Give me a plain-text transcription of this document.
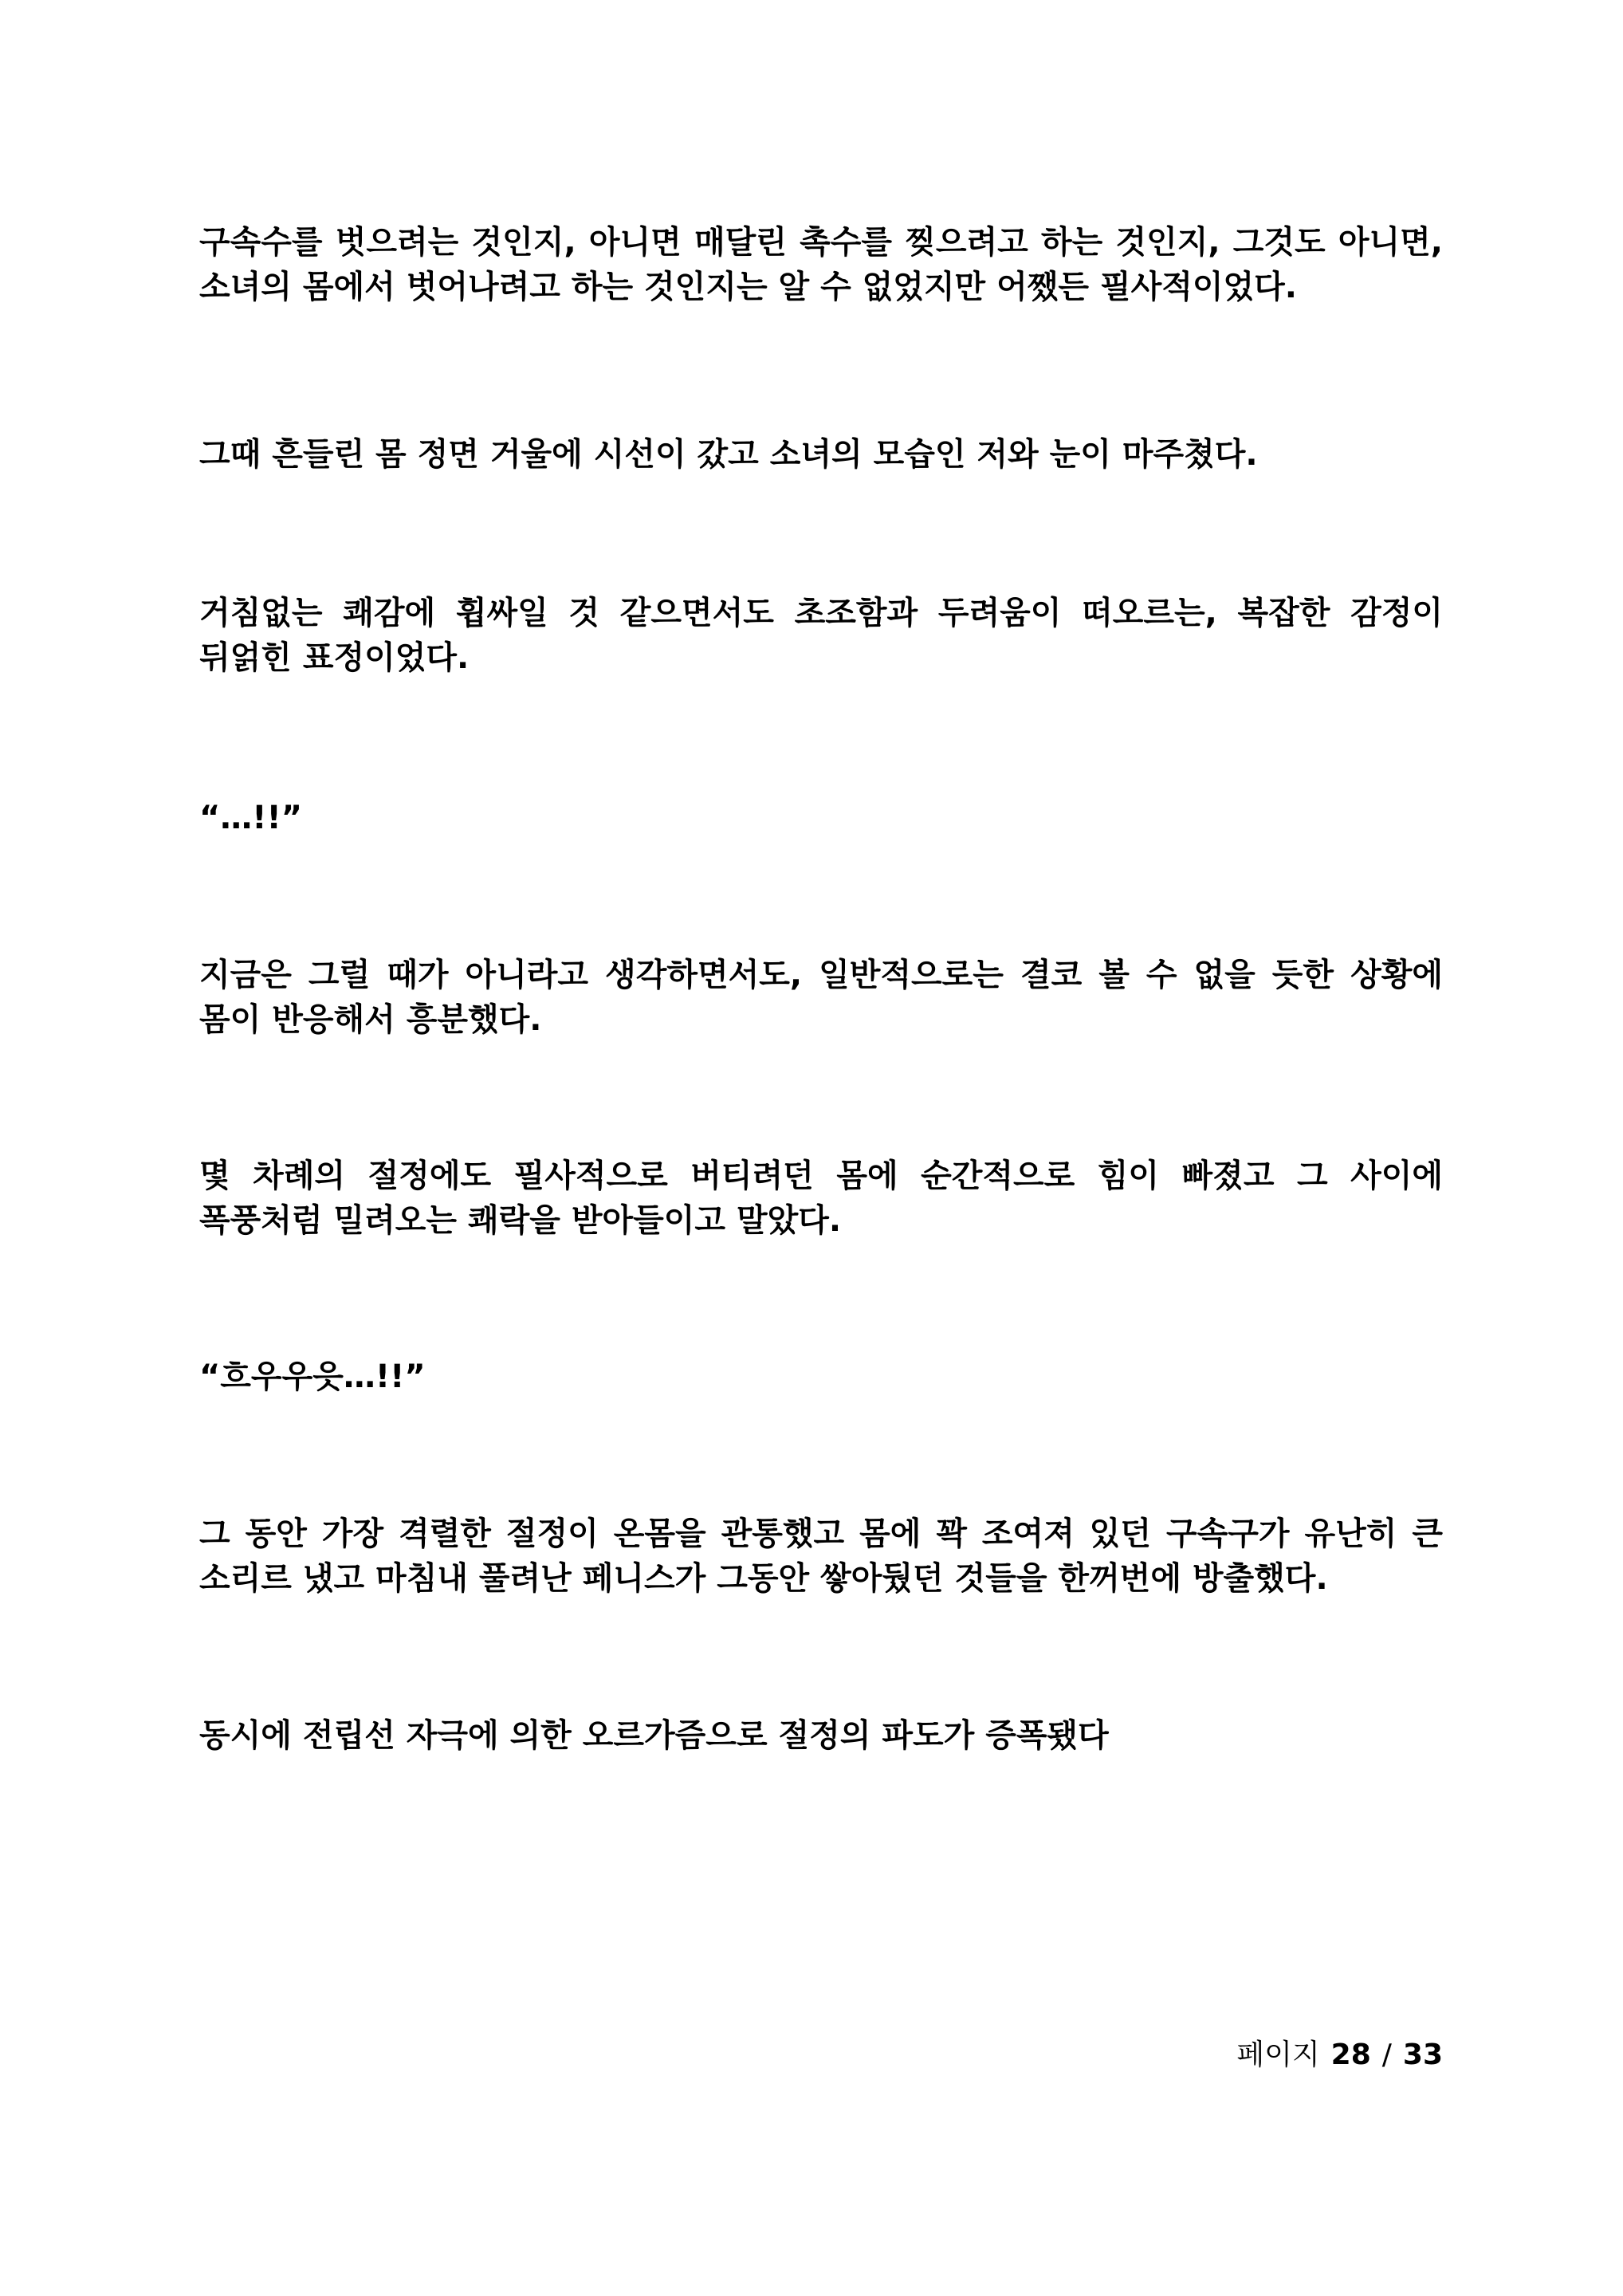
구속수를 벗으려는 것인지, 아니면 매달린 촉수를 찢으려고 하는 것인지, 그것도 아니면, 소녀의 몸에서 벗어나려고 하는 것인지는 알 수 없었지만 어쨌든 필사적이었다.

그때 흔들린 몸 정면 거울에 시선이 갔고 소녀의 모습인 저와 눈이 마주쳤다.

거침없는 쾌감에 휩싸일 것 같으면서도 초조함과 두려움이 떠오르는, 복잡한 감정이 뒤얽힌 표정이었다.

“…!!”

지금은 그럴 때가 아니라고 생각하면서도, 일반적으로는 결코 볼 수 없을 듯한 상황에 몸이 반응해서 흥분했다.

몇 차례의 절정에도 필사적으로 버티려던 몸에 순간적으로 힘이 빠졌고 그 사이에 폭풍처럼 밀려오는 쾌락을 받아들이고 말았다.

“흐우우읏…!!”

그 동안 가장 격렬한 절정이 온몸을 관통했고 몸에 꽉 조여져 있던 구속구가 유난히 큰 소리르 냈고 마침내 풀려난 페니스가 그동안 쌓아뒀던 것들을 한꺼번에 방출했다.

동시에 전립선 자극에 의한 오르가즘으로 절정의 파도가 증폭됐다

페이지 28 / 33
